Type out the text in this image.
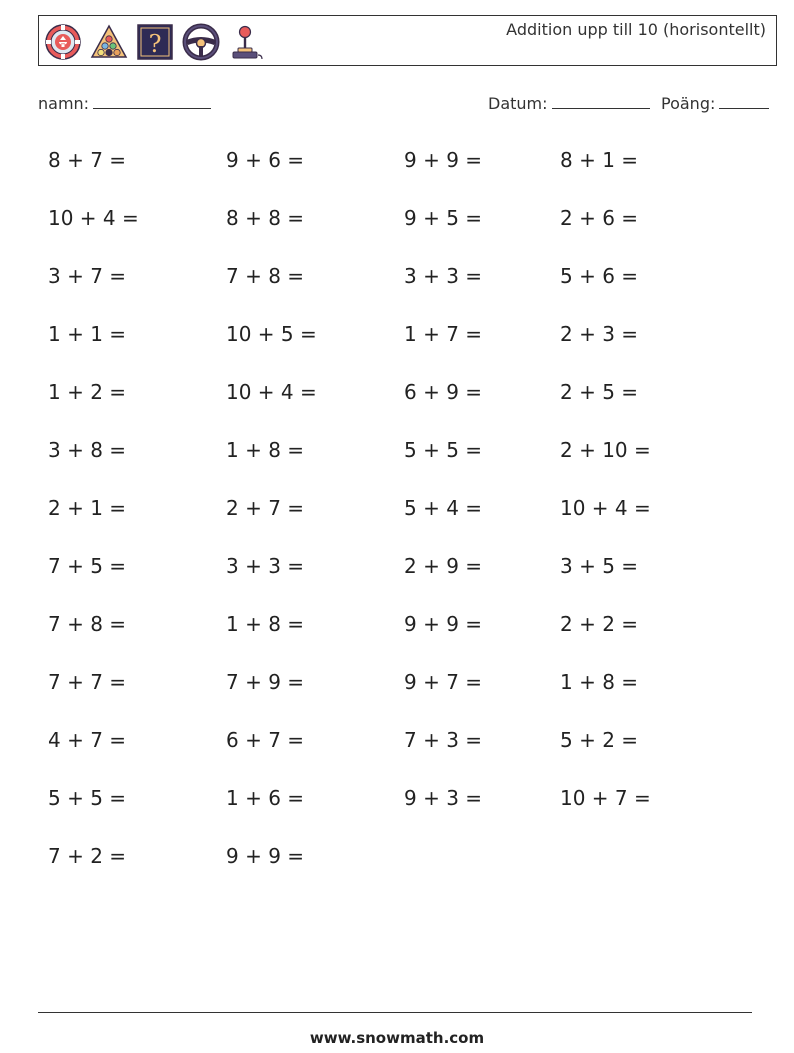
?
Addition upp till 10 (horisontellt)
namn:	Datum:	Poäng:
8 + 7 =
10 + 4 =
3 + 7 =
1 + 1 =
1 + 2 =
3 + 8 =
2 + 1 =
7 + 5 =
7 + 8 =
7 + 7 =
4 + 7 =
5 + 5 =
7 + 2 =
9 + 6 =
8 + 8 =
7 + 8 =
10 + 5 =
10 + 4 =
1 + 8 =
2 + 7 =
3 + 3 =
1 + 8 =
7 + 9 =
6 + 7 =
1 + 6 =
9 + 9 =
9 + 9 =
9 + 5 =
3 + 3 =
1 + 7 =
6 + 9 =
5 + 5 =
5 + 4 =
2 + 9 =
9 + 9 =
9 + 7 =
7 + 3 =
9 + 3 =
8 + 1 =
2 + 6 =
5 + 6 =
2 + 3 =
2 + 5 =
2 + 10 =
10 + 4 =
3 + 5 =
2 + 2 =
1 + 8 =
5 + 2 =
10 + 7 =
www.snowmath.com
